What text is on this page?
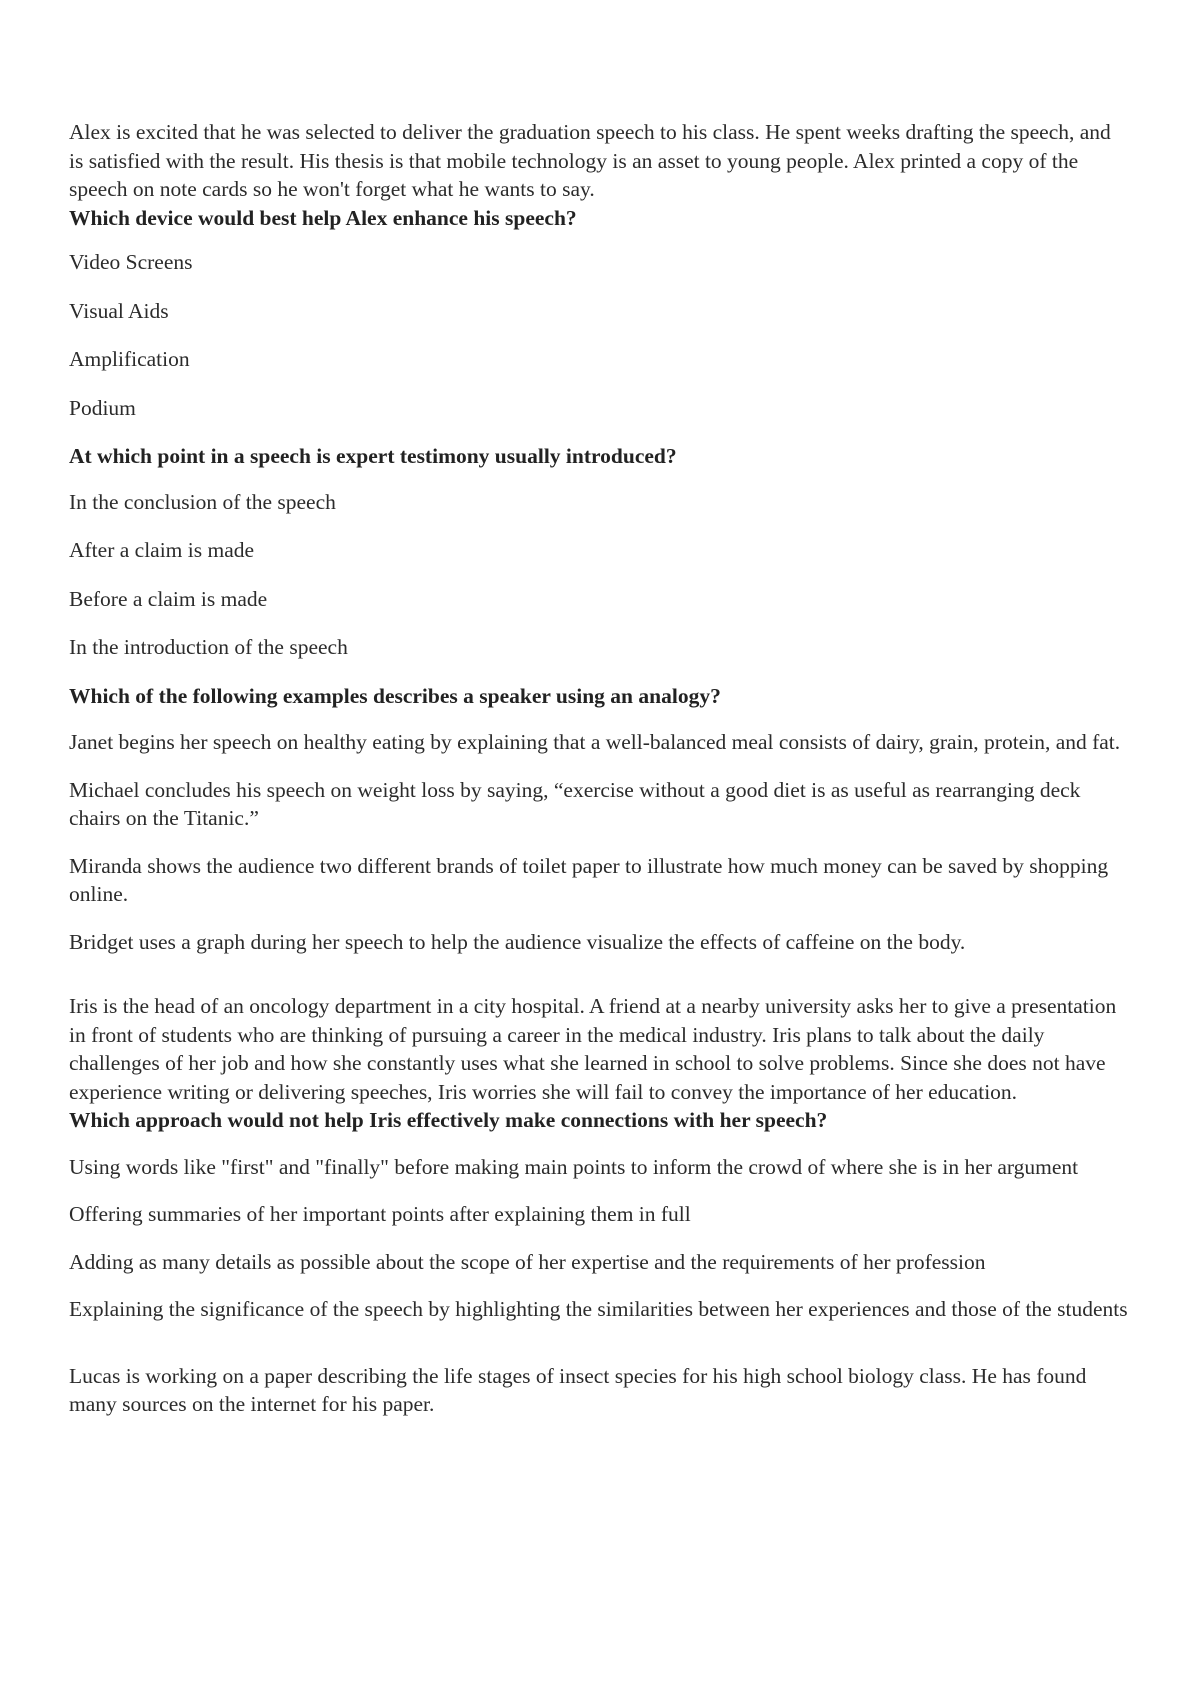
Alex is excited that he was selected to deliver the graduation speech to his class. He spent weeks drafting the speech, and is satisfied with the result. His thesis is that mobile technology is an asset to young people. Alex printed a copy of the speech on note cards so he won't forget what he wants to say.

Which device would best help Alex enhance his speech?

Video Screens
Visual Aids
Amplification
Podium

At which point in a speech is expert testimony usually introduced?

In the conclusion of the speech
After a claim is made
Before a claim is made
In the introduction of the speech

Which of the following examples describes a speaker using an analogy?

Janet begins her speech on healthy eating by explaining that a well-balanced meal consists of dairy, grain, protein, and fat.
Michael concludes his speech on weight loss by saying, “exercise without a good diet is as useful as rearranging deck chairs on the Titanic.”
Miranda shows the audience two different brands of toilet paper to illustrate how much money can be saved by shopping online.
Bridget uses a graph during her speech to help the audience visualize the effects of caffeine on the body.

Iris is the head of an oncology department in a city hospital. A friend at a nearby university asks her to give a presentation in front of students who are thinking of pursuing a career in the medical industry. Iris plans to talk about the daily challenges of her job and how she constantly uses what she learned in school to solve problems. Since she does not have experience writing or delivering speeches, Iris worries she will fail to convey the importance of her education.

Which approach would not help Iris effectively make connections with her speech?

Using words like "first" and "finally" before making main points to inform the crowd of where she is in her argument
Offering summaries of her important points after explaining them in full
Adding as many details as possible about the scope of her expertise and the requirements of her profession
Explaining the significance of the speech by highlighting the similarities between her experiences and those of the students

Lucas is working on a paper describing the life stages of insect species for his high school biology class. He has found many sources on the internet for his paper.
